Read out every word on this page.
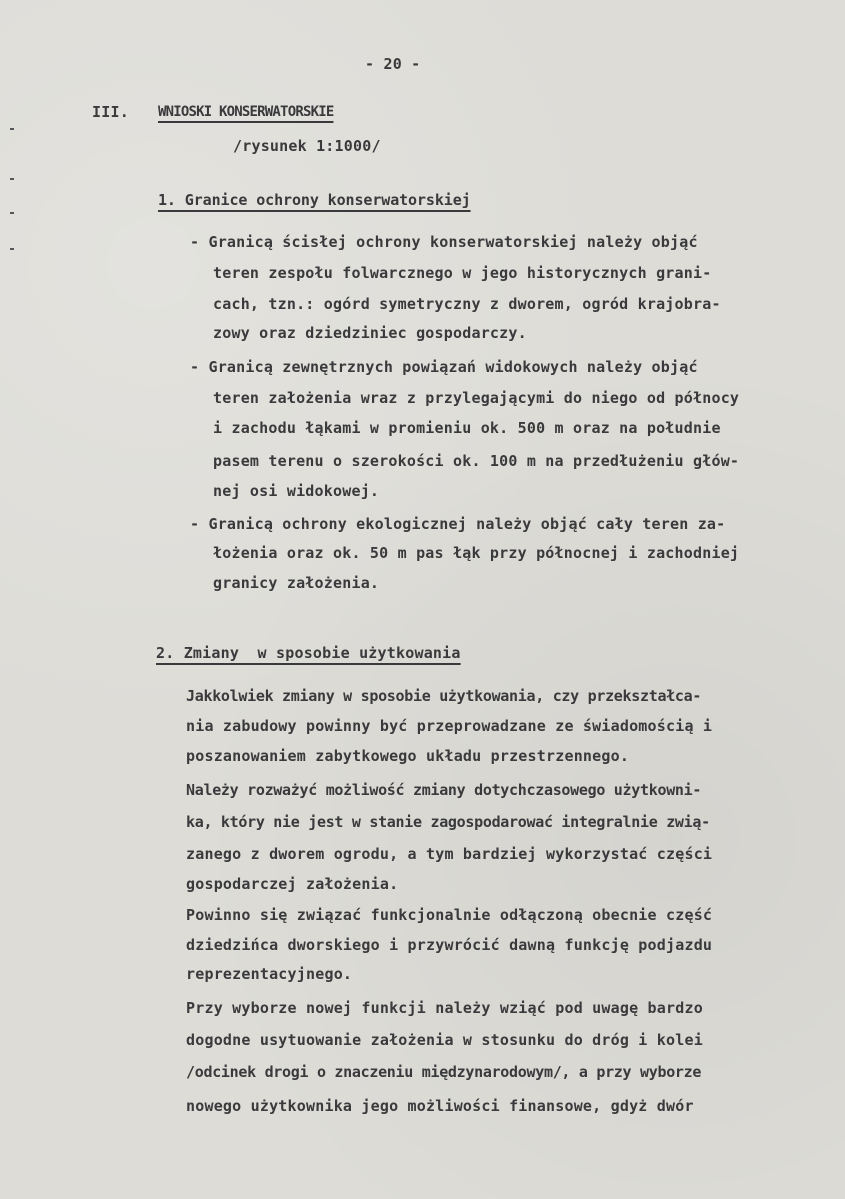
- 20 -
III. WNIOSKI KONSERWATORSKIE
/rysunek 1:1000/
1. Granice ochrony konserwatorskiej
- Granicą ścisłej ochrony konserwatorskiej należy objąć
teren zespołu folwarcznego w jego historycznych grani-
cach, tzn.: ogórd symetryczny z dworem, ogród krajobra-
zowy oraz dziedziniec gospodarczy.
- Granicą zewnętrznych powiązań widokowych należy objąć
teren założenia wraz z przylegającymi do niego od północy
i zachodu łąkami w promieniu ok. 500 m oraz na południe
pasem terenu o szerokości ok. 100 m na przedłużeniu głów-
nej osi widokowej.
- Granicą ochrony ekologicznej należy objąć cały teren za-
łożenia oraz ok. 50 m pas łąk przy północnej i zachodniej
granicy założenia.
2. Zmiany  w sposobie użytkowania
Jakkolwiek zmiany w sposobie użytkowania, czy przekształca-
nia zabudowy powinny być przeprowadzane ze świadomością i
poszanowaniem zabytkowego układu przestrzennego.
Należy rozważyć możliwość zmiany dotychczasowego użytkowni-
ka, który nie jest w stanie zagospodarować integralnie zwią-
zanego z dworem ogrodu, a tym bardziej wykorzystać części
gospodarczej założenia.
Powinno się związać funkcjonalnie odłączoną obecnie część
dziedzińca dworskiego i przywrócić dawną funkcję podjazdu
reprezentacyjnego.
Przy wyborze nowej funkcji należy wziąć pod uwagę bardzo
dogodne usytuowanie założenia w stosunku do dróg i kolei
/odcinek drogi o znaczeniu międzynarodowym/, a przy wyborze
nowego użytkownika jego możliwości finansowe, gdyż dwór
